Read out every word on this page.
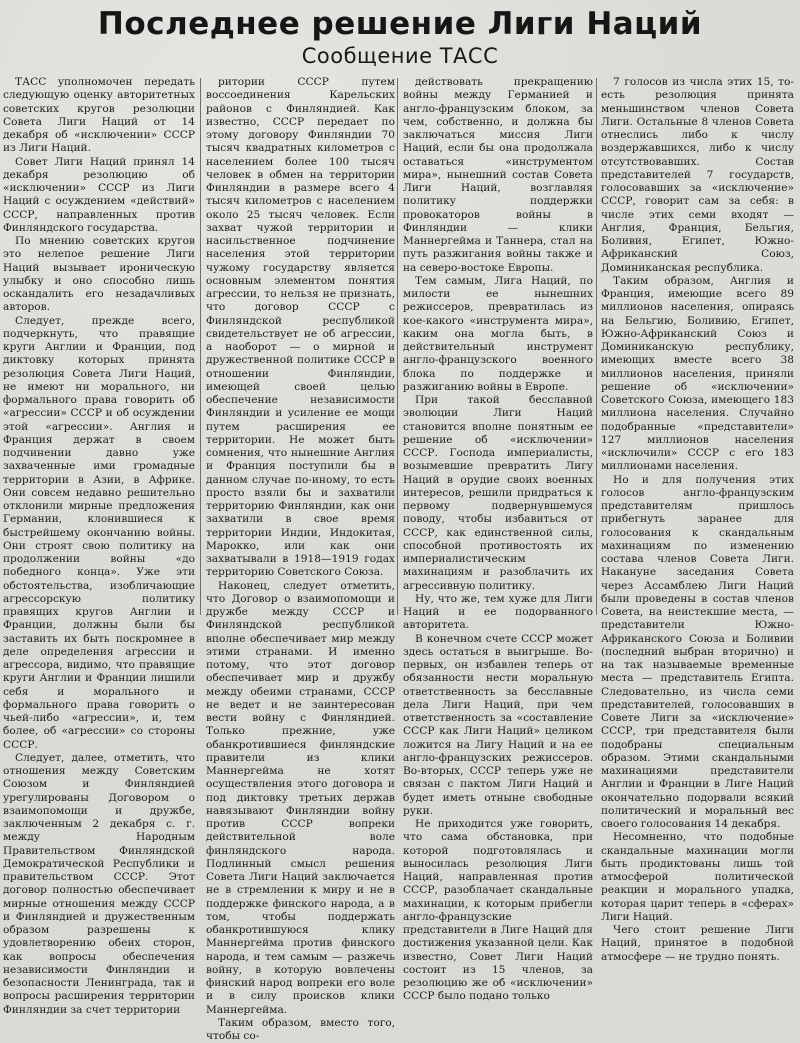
Последнее решение Лиги Наций
Сообщение ТАСС

ТАСС уполномочен передать следующую оценку авторитетных советских кругов резолюции Совета Лиги Наций от 14 декабря об «исключении» СССР из Лиги Наций.

Совет Лиги Наций принял 14 декабря резолюцию об «исключении» СССР из Лиги Наций с осуждением «действий» СССР, направленных против Финляндского государства.

По мнению советских кругов это нелепое решение Лиги Наций вызывает ироническую улыбку и оно способно лишь оскандалить его незадачливых авторов.

Следует, прежде всего, подчеркнуть, что правящие круги Англии и Франции, под диктовку которых принята резолюция Совета Лиги Наций, не имеют ни морального, ни формального права говорить об «агрессии» СССР и об осуждении этой «агрессии». Англия и Франция держат в своем подчинении давно уже захваченные ими громадные территории в Азии, в Африке. Они совсем недавно решительно отклонили мирные предложения Германии, клонившиеся к быстрейшему окончанию войны. Они строят свою политику на продолжении войны «до победного конца». Уже эти обстоятельства, изобличающие агрессорскую политику правящих кругов Англии и Франции, должны были бы заставить их быть поскромнее в деле определения агрессии и агрессора, видимо, что правящие круги Англии и Франции лишили себя и морального и формального права говорить о чьей-либо «агрессии», и, тем более, об «агрессии» со стороны СССР.

Следует, далее, отметить, что отношения между Советским Союзом и Финляндией урегулированы Договором о взаимопомощи и дружбе, заключенным 2 декабря с. г. между Народным Правительством Финляндской Демократической Республики и правительством СССР. Этот договор полностью обеспечивает мирные отношения между СССР и Финляндией и дружественным образом разрешены к удовлетворению обеих сторон, как вопросы обеспечения независимости Финляндии и безопасности Ленинграда, так и вопросы расширения территории Финляндии за счет территории

ритории СССР путем воссоединения Карельских районов с Финляндией. Как известно, СССР передает по этому договору Финляндии 70 тысяч квадратных километров с населением более 100 тысяч человек в обмен на территории Финляндии в размере всего 4 тысяч километров с населением около 25 тысяч человек. Если захват чужой территории и насильственное подчинение населения этой территории чужому государству является основным элементом понятия агрессии, то нельзя не признать, что договор СССР с Финляндской республикой свидетельствует не об агрессии, а наоборот — о мирной и дружественной политике СССР в отношении Финляндии, имеющей своей целью обеспечение независимости Финляндии и усиление ее мощи путем расширения ее территории. Не может быть сомнения, что нынешние Англия и Франция поступили бы в данном случае по-иному, то есть просто взяли бы и захватили территорию Финляндии, как они захватили в свое время территории Индии, Индокитая, Марокко, или как они захватывали в 1918—1919 годах территорию Советского Союза.

Наконец, следует отметить, что Договор о взаимопомощи и дружбе между СССР и Финляндской республикой вполне обеспечивает мир между этими странами. И именно потому, что этот договор обеспечивает мир и дружбу между обеими странами, СССР не ведет и не заинтересован вести войну с Финляндией. Только прежние, уже обанкротившиеся финляндские правители из клики Маннергейма не хотят осуществления этого договора и под диктовку третьих держав навязывают Финляндии войну против СССР вопреки действительной воле финляндского народа. Подлинный смысл решения Совета Лиги Наций заключается не в стремлении к миру и не в поддержке финского народа, а в том, чтобы поддержать обанкротившуюся клику Маннергейма против финского народа, и тем самым — разжечь войну, в которую вовлечены финский народ вопреки его воле и в силу происков клики Маннергейма.

Таким образом, вместо того, чтобы со-

действовать прекращению войны между Германией и англо-французским блоком, за чем, собственно, и должна бы заключаться миссия Лиги Наций, если бы она продолжала оставаться «инструментом мира», нынешний состав Совета Лиги Наций, возглавляя политику поддержки провокаторов войны в Финляндии — клики Маннергейма и Таннера, стал на путь разжигания войны также и на северо-востоке Европы.

Тем самым, Лига Наций, по милости ее нынешних режиссеров, превратилась из кое-какого «инструмента мира», каким она могла быть, в действительный инструмент англо-французского военного блока по поддержке и разжиганию войны в Европе.

При такой бесславной эволюции Лиги Наций становится вполне понятным ее решение об «исключении» СССР. Господа империалисты, возымевшие превратить Лигу Наций в орудие своих военных интересов, решили придраться к первому подвернувшемуся поводу, чтобы избавиться от СССР, как единственной силы, способной противостоять их империалистическим махинациям и разоблачить их агрессивную политику.

Ну, что же, тем хуже для Лиги Наций и ее подорванного авторитета.

В конечном счете СССР может здесь остаться в выигрыше. Во-первых, он избавлен теперь от обязанности нести моральную ответственность за бесславные дела Лиги Наций, при чем ответственность за «составление СССР как Лиги Наций» целиком ложится на Лигу Наций и на ее англо-французских режиссеров. Во-вторых, СССР теперь уже не связан с пактом Лиги Наций и будет иметь отныне свободные руки.

Не приходится уже говорить, что сама обстановка, при которой подготовлялась и выносилась резолюция Лиги Наций, направленная против СССР, разоблачает скандальные махинации, к которым прибегли англо-французские представители в Лиге Наций для достижения указанной цели. Как известно, Совет Лиги Наций состоит из 15 членов, за резолюцию же об «исключении» СССР было подано только

7 голосов из числа этих 15, то-есть резолюция принята меньшинством членов Совета Лиги. Остальные 8 членов Совета отнеслись либо к числу воздержавшихся, либо к числу отсутствовавших. Состав представителей 7 государств, голосовавших за «исключение» СССР, говорит сам за себя: в числе этих семи входят — Англия, Франция, Бельгия, Боливия, Египет, Южно-Африканский Союз, Доминиканская республика.

Таким образом, Англия и Франция, имеющие всего 89 миллионов населения, опираясь на Бельгию, Боливию, Египет, Южно-Африканский Союз и Доминиканскую республику, имеющих вместе всего 38 миллионов населения, приняли решение об «исключении» Советского Союза, имеющего 183 миллиона населения. Случайно подобранные «представители» 127 миллионов населения «исключили» СССР с его 183 миллионами населения.

Но и для получения этих голосов англо-французским представителям пришлось прибегнуть заранее для голосования к скандальным махинациям по изменению состава членов Совета Лиги. Накануне заседания Совета через Ассамблею Лиги Наций были проведены в состав членов Совета, на неистекшие места, — представители Южно-Африканского Союза и Боливии (последний выбран вторично) и на так называемые временные места — представитель Египта. Следовательно, из числа семи представителей, голосовавших в Совете Лиги за «исключение» СССР, три представителя были подобраны специальным образом. Этими скандальными махинациями представители Англии и Франции в Лиге Наций окончательно подорвали всякий политический и моральный вес своего голосования 14 декабря.

Несомненно, что подобные скандальные махинации могли быть продиктованы лишь той атмосферой политической реакции и морального упадка, которая царит теперь в «сферах» Лиги Наций.

Чего стоит решение Лиги Наций, принятое в подобной атмосфере — не трудно понять.
